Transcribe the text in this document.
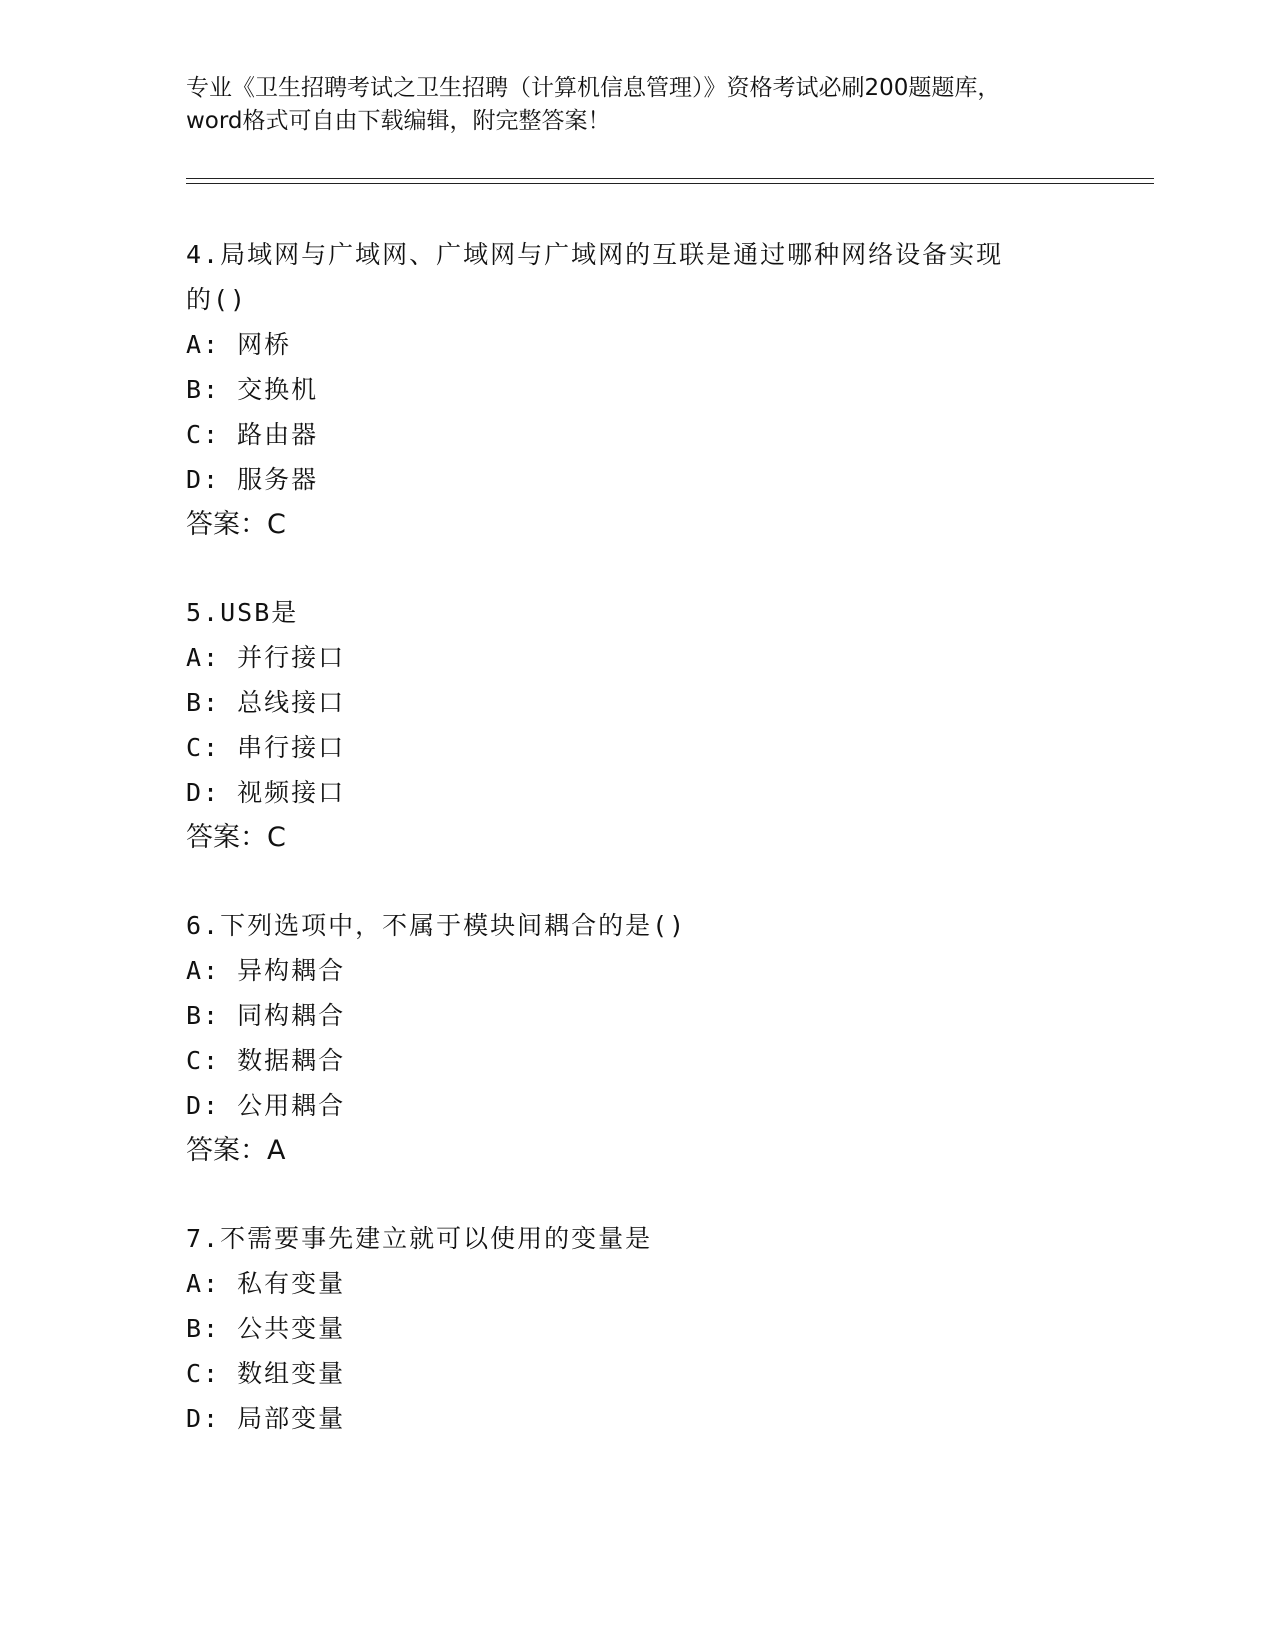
专业《卫生招聘考试之卫生招聘（计算机信息管理）》资格考试必刷200题题库，
word格式可自由下载编辑，附完整答案！
4.局域网与广域网、广域网与广域网的互联是通过哪种网络设备实现
的()
A: 网桥
B: 交换机
C: 路由器
D: 服务器
答案：C
5.USB是
A: 并行接口
B: 总线接口
C: 串行接口
D: 视频接口
答案：C
6.下列选项中，不属于模块间耦合的是()
A: 异构耦合
B: 同构耦合
C: 数据耦合
D: 公用耦合
答案：A
7.不需要事先建立就可以使用的变量是
A: 私有变量
B: 公共变量
C: 数组变量
D: 局部变量
